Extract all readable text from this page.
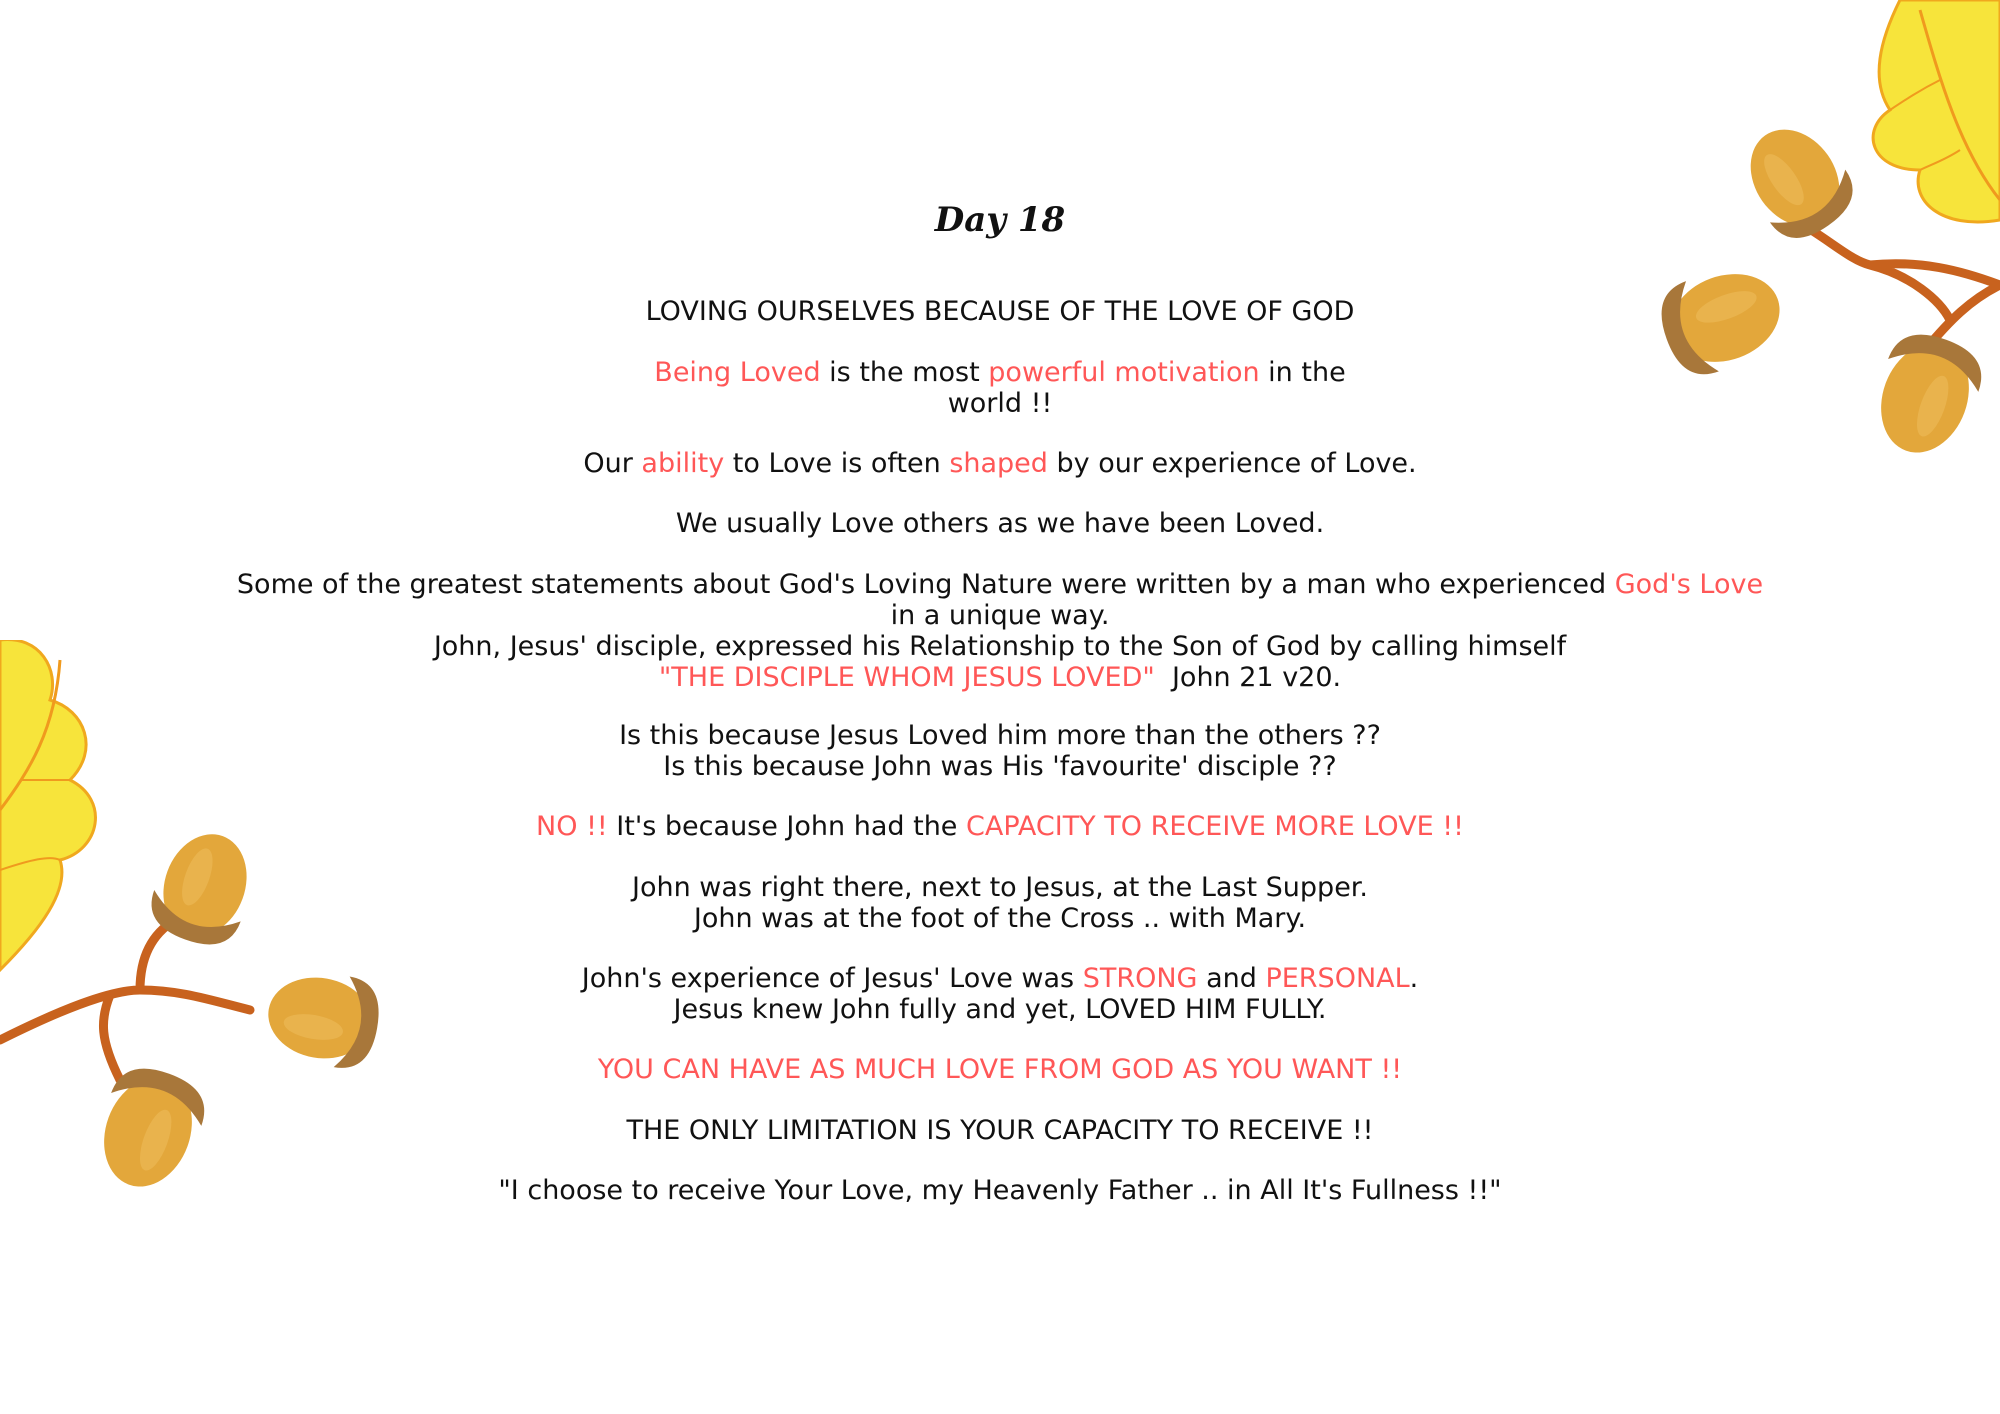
Day 18

LOVING OURSELVES BECAUSE OF THE LOVE OF GOD

Being Loved is the most powerful motivation in the
world !!

Our ability to Love is often shaped by our experience of Love.

We usually Love others as we have been Loved.

Some of the greatest statements about God's Loving Nature were written by a man who experienced God's Love
in a unique way.
John, Jesus' disciple, expressed his Relationship to the Son of God by calling himself
"THE DISCIPLE WHOM JESUS LOVED"  John 21 v20.

Is this because Jesus Loved him more than the others ??
Is this because John was His 'favourite' disciple ??

NO !! It's because John had the CAPACITY TO RECEIVE MORE LOVE !!

John was right there, next to Jesus, at the Last Supper.
John was at the foot of the Cross .. with Mary.

John's experience of Jesus' Love was STRONG and PERSONAL.
Jesus knew John fully and yet, LOVED HIM FULLY.

YOU CAN HAVE AS MUCH LOVE FROM GOD AS YOU WANT !!

THE ONLY LIMITATION IS YOUR CAPACITY TO RECEIVE !!

"I choose to receive Your Love, my Heavenly Father .. in All It's Fullness !!"
